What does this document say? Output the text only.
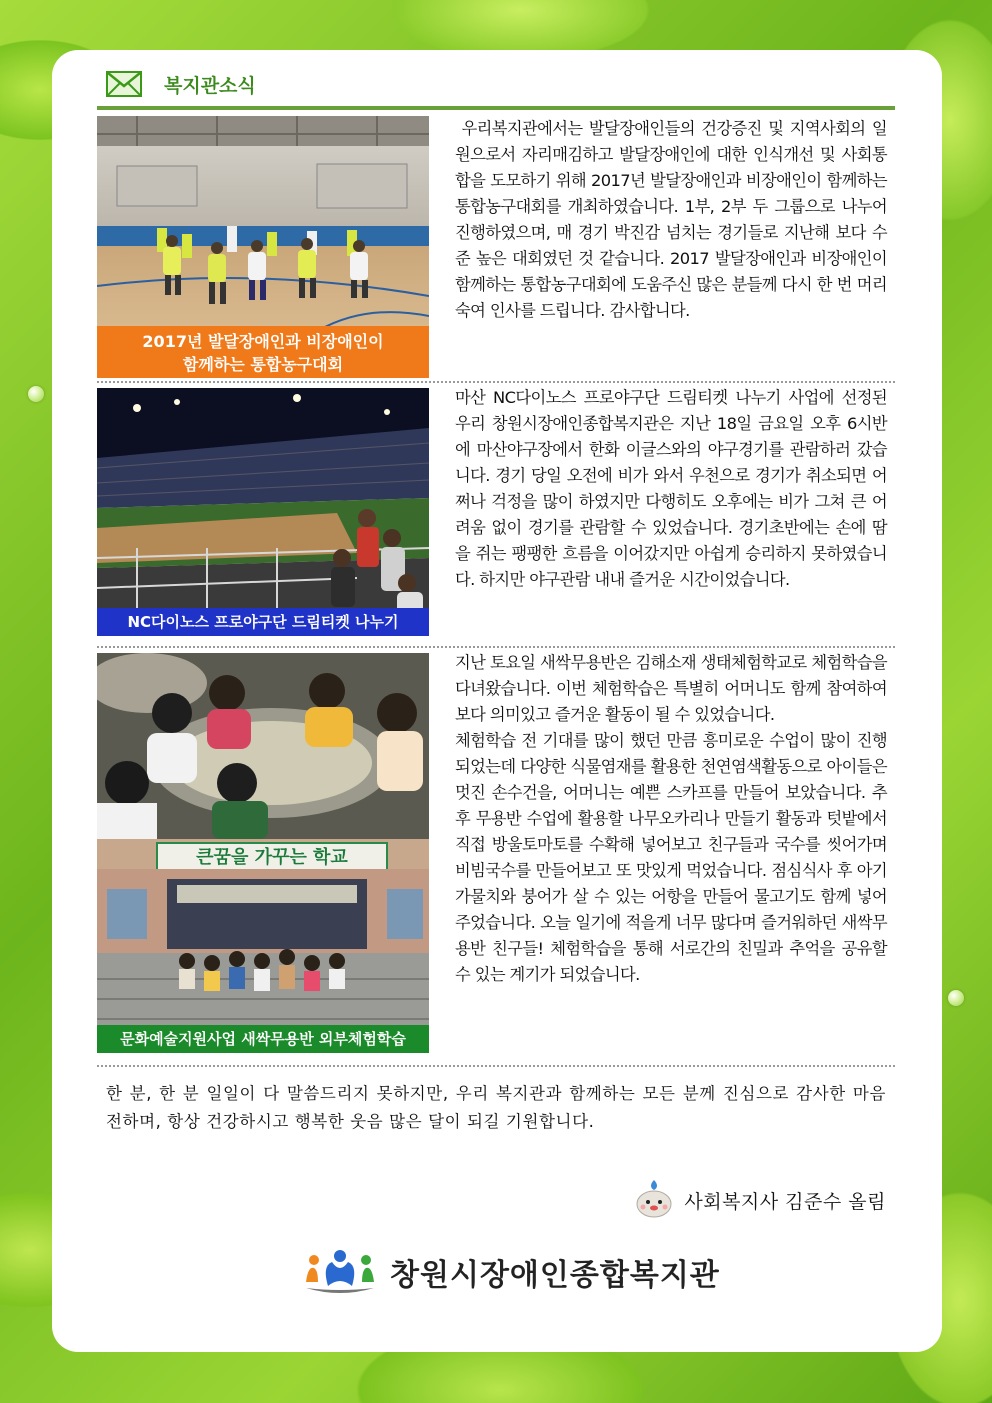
복지관소식
2017년 발달장애인과 비장애인이
함께하는 통합농구대회

우리복지관에서는 발달장애인들의 건강증진 및 지역사회의 일원으로서 자리매김하고 발달장애인에 대한 인식개선 및 사회통합을 도모하기 위해 2017년 발달장애인과 비장애인이 함께하는 통합농구대회를 개최하였습니다. 1부, 2부 두 그룹으로 나누어 진행하였으며, 매 경기 박진감 넘치는 경기들로 지난해 보다 수준 높은 대회였던 것 같습니다. 2017 발달장애인과 비장애인이 함께하는 통합농구대회에 도움주신 많은 분들께 다시 한 번 머리 숙여 인사를 드립니다. 감사합니다.

NC다이노스 프로야구단 드림티켓 나누기

마산 NC다이노스 프로야구단 드림티켓 나누기 사업에 선정된 우리 창원시장애인종합복지관은 지난 18일 금요일 오후 6시반에 마산야구장에서 한화 이글스와의 야구경기를 관람하러 갔습니다. 경기 당일 오전에 비가 와서 우천으로 경기가 취소되면 어쩌나 걱정을 많이 하였지만 다행히도 오후에는 비가 그쳐 큰 어려움 없이 경기를 관람할 수 있었습니다. 경기초반에는 손에 땀을 쥐는 팽팽한 흐름을 이어갔지만 아쉽게 승리하지 못하였습니다. 하지만 야구관람 내내 즐거운 시간이었습니다.

큰꿈을 가꾸는 학교
문화예술지원사업 새싹무용반 외부체험학습

지난 토요일 새싹무용반은 김해소재 생태체험학교로 체험학습을 다녀왔습니다. 이번 체험학습은 특별히 어머니도 함께 참여하여 보다 의미있고 즐거운 활동이 될 수 있었습니다.

체험학습 전 기대를 많이 했던 만큼 흥미로운 수업이 많이 진행되었는데 다양한 식물염재를 활용한 천연염색활동으로 아이들은 멋진 손수건을, 어머니는 예쁜 스카프를 만들어 보았습니다. 추후 무용반 수업에 활용할 나무오카리나 만들기 활동과 텃밭에서 직접 방울토마토를 수확해 넣어보고 친구들과 국수를 씻어가며 비빔국수를 만들어보고 또 맛있게 먹었습니다. 점심식사 후 아기가물치와 붕어가 살 수 있는 어항을 만들어 물고기도 함께 넣어주었습니다. 오늘 일기에 적을게 너무 많다며 즐거워하던 새싹무용반 친구들! 체험학습을 통해 서로간의 친밀과 추억을 공유할 수 있는 계기가 되었습니다.

한 분, 한 분 일일이 다 말씀드리지 못하지만, 우리 복지관과 함께하는 모든 분께 진심으로 감사한 마음 전하며, 항상 건강하시고 행복한 웃음 많은 달이 되길 기원합니다.
사회복지사 김준수 올림
창원시장애인종합복지관
